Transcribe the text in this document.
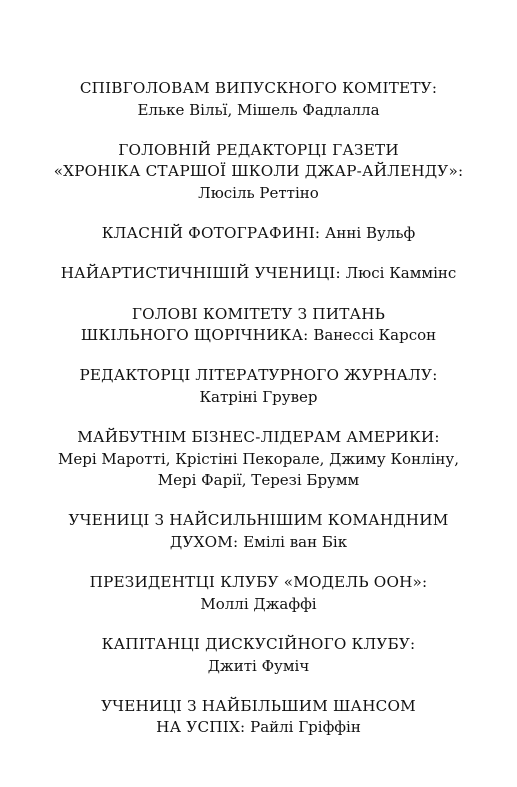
СПІВГОЛОВАМ ВИПУСКНОГО КОМІТЕТУ:
Ельке Вільї, Мішель Фадлалла
ГОЛОВНІЙ РЕДАКТОРЦІ ГАЗЕТИ
«ХРОНІКА СТАРШОЇ ШКОЛИ ДЖАР-АЙЛЕНДУ»:
Люсіль Реттіно
КЛАСНІЙ ФОТОГРАФИНІ: Анні Вульф
НАЙАРТИСТИЧНІШІЙ УЧЕНИЦІ: Люсі Каммінс
ГОЛОВІ КОМІТЕТУ З ПИТАНЬ
ШКІЛЬНОГО ЩОРІЧНИКА: Ванессі Карсон
РЕДАКТОРЦІ ЛІТЕРАТУРНОГО ЖУРНАЛУ:
Катріні Грувер
МАЙБУТНІМ БІЗНЕС-ЛІДЕРАМ АМЕРИКИ:
Мері Маротті, Крістіні Пекорале, Джиму Конліну,
Мері Фарії, Терезі Брумм
УЧЕНИЦІ З НАЙСИЛЬНІШИМ КОМАНДНИМ
ДУХОМ: Емілі ван Бік
ПРЕЗИДЕНТЦІ КЛУБУ «МОДЕЛЬ ООН»:
Моллі Джаффі
КАПІТАНЦІ ДИСКУСІЙНОГО КЛУБУ:
Джиті Фуміч
УЧЕНИЦІ З НАЙБІЛЬШИМ ШАНСОМ
НА УСПІХ: Райлі Гріффін
